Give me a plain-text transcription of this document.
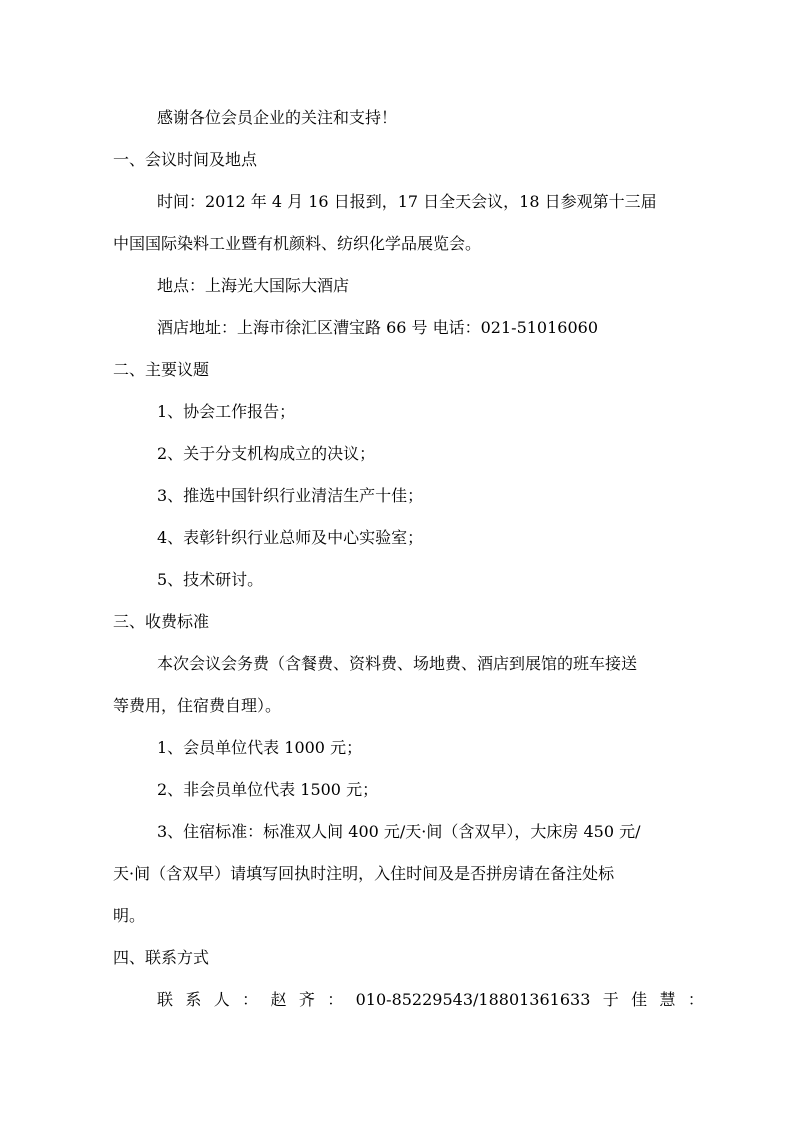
感谢各位会员企业的关注和支持！
一、会议时间及地点
时间：2012 年 4 月 16 日报到，17 日全天会议，18 日参观第十三届
中国国际染料工业暨有机颜料、纺织化学品展览会。
地点：上海光大国际大酒店
酒店地址：上海市徐汇区漕宝路 66 号 电话：021-51016060
二、主要议题
1、协会工作报告；
2、关于分支机构成立的决议；
3、推选中国针织行业清洁生产十佳；
4、表彰针织行业总师及中心实验室；
5、技术研讨。
三、收费标准
本次会议会务费（含餐费、资料费、场地费、酒店到展馆的班车接送
等费用，住宿费自理）。
1、会员单位代表 1000 元；
2、非会员单位代表 1500 元；
3、住宿标准：标准双人间 400 元/天·间（含双早），大床房 450 元/
天·间（含双早）请填写回执时注明，入住时间及是否拼房请在备注处标
明。
四、联系方式
联 系 人 ： 赵 齐 ： 010-85229543/18801361633 于 佳 慧 ：
